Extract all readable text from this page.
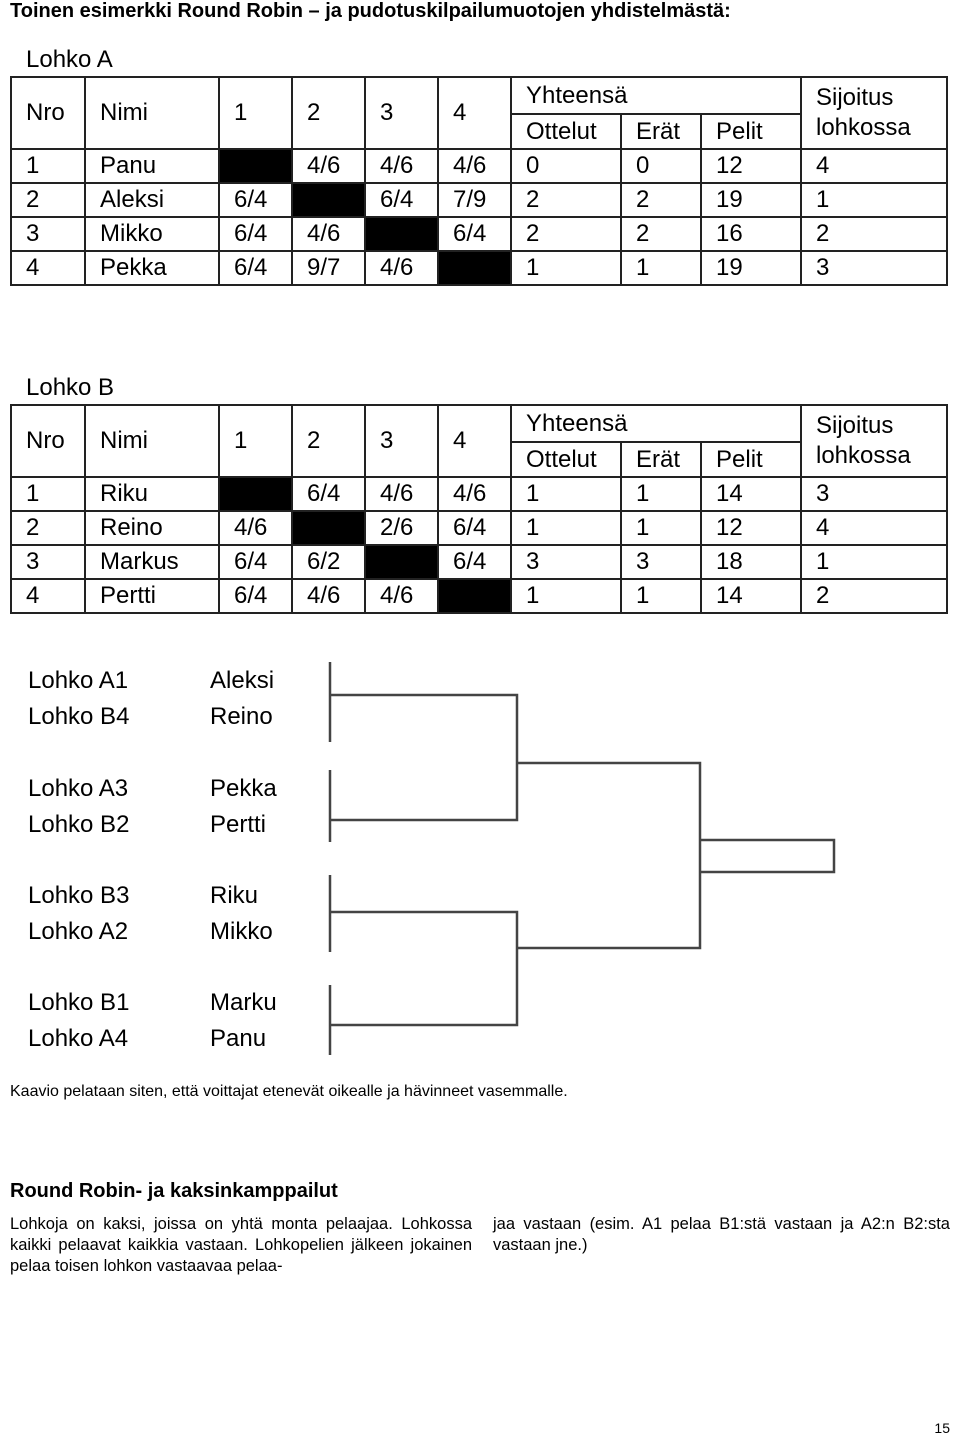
Toinen esimerkki Round Robin – ja pudotuskilpailumuotojen yhdistelmästä:
Lohko A
Nro	Nimi	1	2	3	4	Yhteensä			Sijoitus
lohkossa
						Ottelut	Erät	Pelit	
1	Panu		4/6	4/6	4/6	0	0	12	4
2	Aleksi	6/4		6/4	7/9	2	2	19	1
3	Mikko	6/4	4/6		6/4	2	2	16	2
4	Pekka	6/4	9/7	4/6		1	1	19	3
Lohko B
Nro	Nimi	1	2	3	4	Yhteensä			Sijoitus
lohkossa
						Ottelut	Erät	Pelit	
1	Riku		6/4	4/6	4/6	1	1	14	3
2	Reino	4/6		2/6	6/4	1	1	12	4
3	Markus	6/4	6/2		6/4	3	3	18	1
4	Pertti	6/4	4/6	4/6		1	1	14	2
Lohko A1	Aleksi
Lohko B4	Reino
Lohko A3	Pekka
Lohko B2	Pertti
Lohko B3	Riku
Lohko A2	Mikko
Lohko B1	Marku
Lohko A4	Panu
Kaavio pelataan siten, että voittajat etenevät oikealle ja hävinneet vasemmalle.
Round Robin- ja kaksinkamppailut
Lohkoja on kaksi, joissa on yhtä monta pelaajaa. Lohkossa kaikki pelaavat kaikkia vastaan. Lohkopelien jälkeen jokainen pelaa toisen lohkon vastaavaa pelaa-
jaa vastaan (esim. A1 pelaa B1:stä vastaan ja A2:n B2:sta vastaan jne.)
15
